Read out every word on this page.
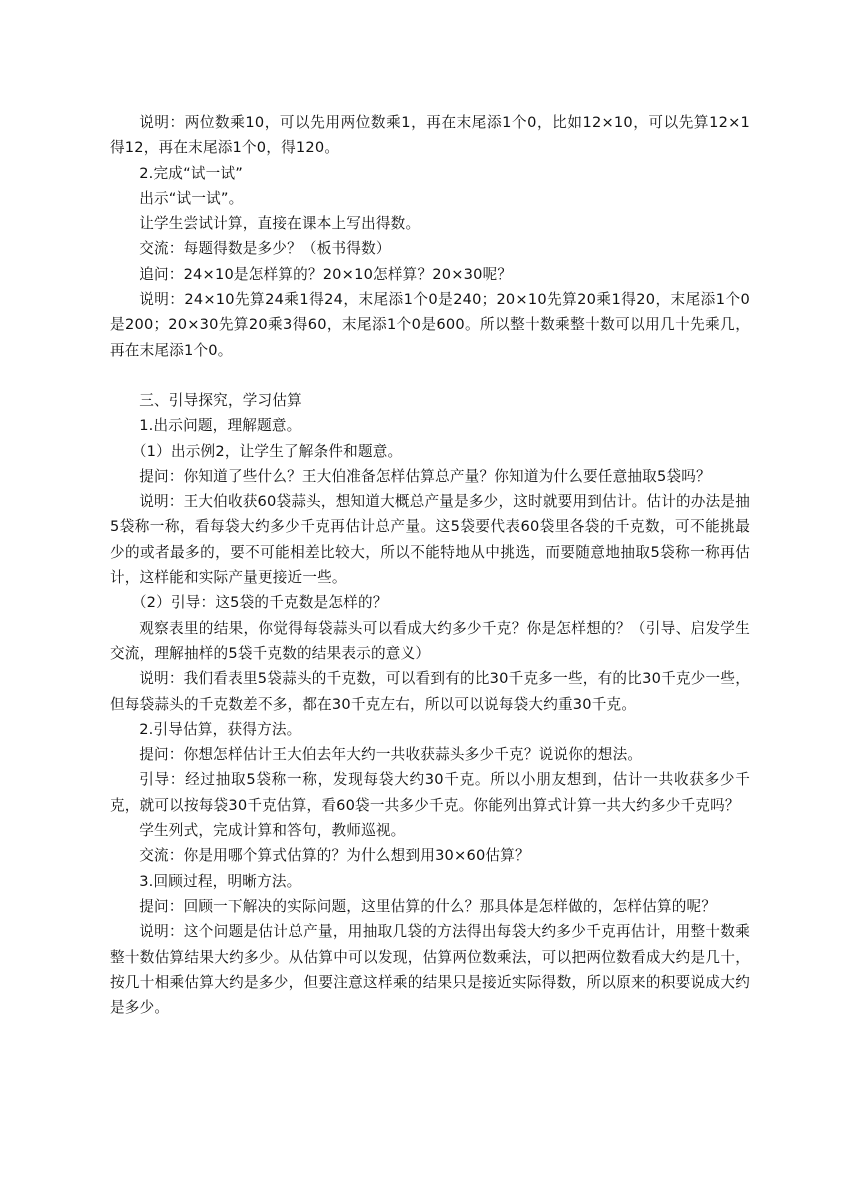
说明：两位数乘10，可以先用两位数乘1，再在末尾添1个0，比如12×10，可以先算12×1得12，再在末尾添1个0，得120。

2.完成“试一试”

出示“试一试”。

让学生尝试计算，直接在课本上写出得数。

交流：每题得数是多少？（板书得数）

追问：24×10是怎样算的？20×10怎样算？20×30呢？

说明：24×10先算24乘1得24，末尾添1个0是240；20×10先算20乘1得20，末尾添1个0是200；20×30先算20乘3得60，末尾添1个0是600。所以整十数乘整十数可以用几十先乘几，再在末尾添1个0。

三、引导探究，学习估算

1.出示问题，理解题意。

（1）出示例2，让学生了解条件和题意。

提问：你知道了些什么？王大伯准备怎样估算总产量？你知道为什么要任意抽取5袋吗？

说明：王大伯收获60袋蒜头，想知道大概总产量是多少，这时就要用到估计。估计的办法是抽5袋称一称，看每袋大约多少千克再估计总产量。这5袋要代表60袋里各袋的千克数，可不能挑最少的或者最多的，要不可能相差比较大，所以不能特地从中挑选，而要随意地抽取5袋称一称再估计，这样能和实际产量更接近一些。

（2）引导：这5袋的千克数是怎样的？

观察表里的结果，你觉得每袋蒜头可以看成大约多少千克？你是怎样想的？（引导、启发学生交流，理解抽样的5袋千克数的结果表示的意义）

说明：我们看表里5袋蒜头的千克数，可以看到有的比30千克多一些，有的比30千克少一些，但每袋蒜头的千克数差不多，都在30千克左右，所以可以说每袋大约重30千克。

2.引导估算，获得方法。

提问：你想怎样估计王大伯去年大约一共收获蒜头多少千克？说说你的想法。

引导：经过抽取5袋称一称，发现每袋大约30千克。所以小朋友想到，估计一共收获多少千克，就可以按每袋30千克估算，看60袋一共多少千克。你能列出算式计算一共大约多少千克吗？

学生列式，完成计算和答句，教师巡视。

交流：你是用哪个算式估算的？为什么想到用30×60估算？

3.回顾过程，明晰方法。

提问：回顾一下解决的实际问题，这里估算的什么？那具体是怎样做的，怎样估算的呢？

说明：这个问题是估计总产量，用抽取几袋的方法得出每袋大约多少千克再估计，用整十数乘整十数估算结果大约多少。从估算中可以发现，估算两位数乘法，可以把两位数看成大约是几十，按几十相乘估算大约是多少，但要注意这样乘的结果只是接近实际得数，所以原来的积要说成大约是多少。
